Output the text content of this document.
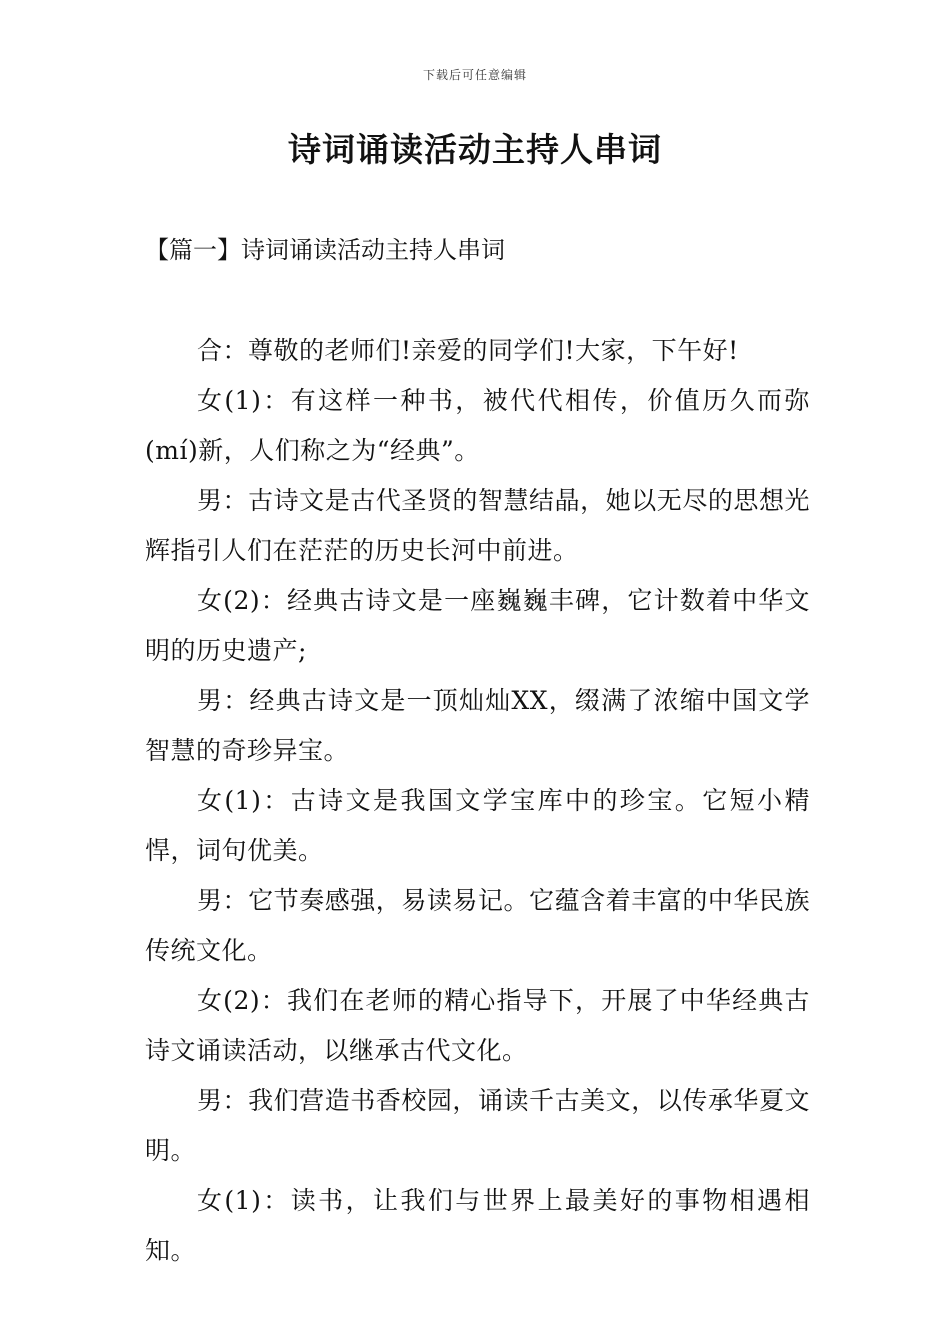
下载后可任意编辑
诗词诵读活动主持人串词
【篇一】诗词诵读活动主持人串词

合：尊敬的老师们!亲爱的同学们!大家，下午好!

女(1)：有这样一种书，被代代相传，价值历久而弥(mí)新，人们称之为“经典”。

男：古诗文是古代圣贤的智慧结晶，她以无尽的思想光辉指引人们在茫茫的历史长河中前进。

女(2)：经典古诗文是一座巍巍丰碑，它计数着中华文明的历史遗产;

男：经典古诗文是一顶灿灿XX，缀满了浓缩中国文学智慧的奇珍异宝。

女(1)：古诗文是我国文学宝库中的珍宝。它短小精悍，词句优美。

男：它节奏感强，易读易记。它蕴含着丰富的中华民族传统文化。

女(2)：我们在老师的精心指导下，开展了中华经典古诗文诵读活动，以继承古代文化。

男：我们营造书香校园，诵读千古美文，以传承华夏文明。

女(1)：读书，让我们与世界上最美好的事物相遇相知。
